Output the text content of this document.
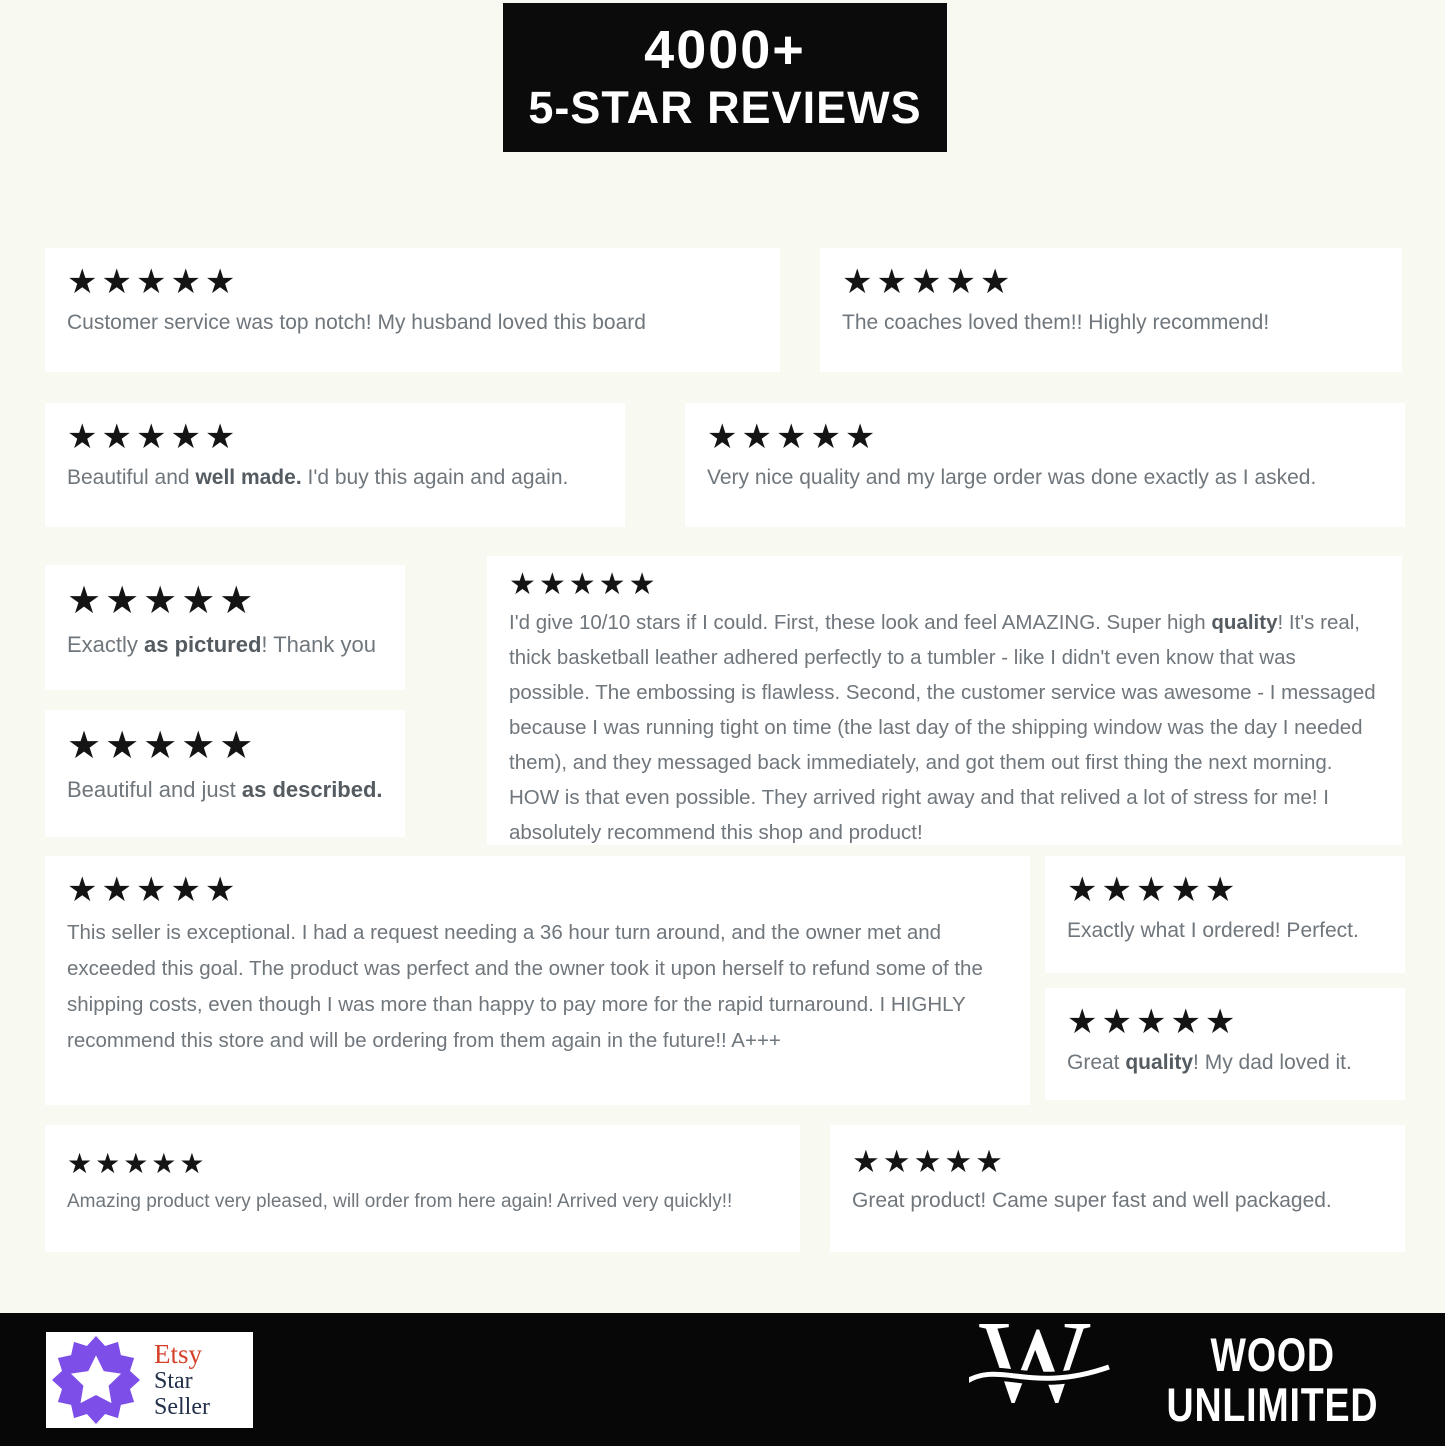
4000+
5-STAR REVIEWS
★★★★★
Customer service was top notch! My husband loved this board
★★★★★
The coaches loved them!! Highly recommend!
★★★★★
Beautiful and well made. I'd buy this again and again.
★★★★★
Very nice quality and my large order was done exactly as I asked.
★★★★★
Exactly as pictured! Thank you
★★★★★
I'd give 10/10 stars if I could. First, these look and feel AMAZING. Super high quality! It's real, thick basketball leather adhered perfectly to a tumbler - like I didn't even know that was possible. The embossing is flawless. Second, the customer service was awesome - I messaged because I was running tight on time (the last day of the shipping window was the day I needed them), and they messaged back immediately, and got them out first thing the next morning. HOW is that even possible. They arrived right away and that relived a lot of stress for me! I absolutely recommend this shop and product!
★★★★★
Beautiful and just as described.
★★★★★
This seller is exceptional. I had a request needing a 36 hour turn around, and the owner met and exceeded this goal. The product was perfect and the owner took it upon herself to refund some of the shipping costs, even though I was more than happy to pay more for the rapid turnaround. I HIGHLY recommend this store and will be ordering from them again in the future!! A+++
★★★★★
Exactly what I ordered! Perfect.
★★★★★
Great quality! My dad loved it.
★★★★★
Amazing product very pleased, will order from here again! Arrived very quickly!!
★★★★★
Great product! Came super fast and well packaged.
Etsy
Star Seller	W	WOOD
UNLIMITED
